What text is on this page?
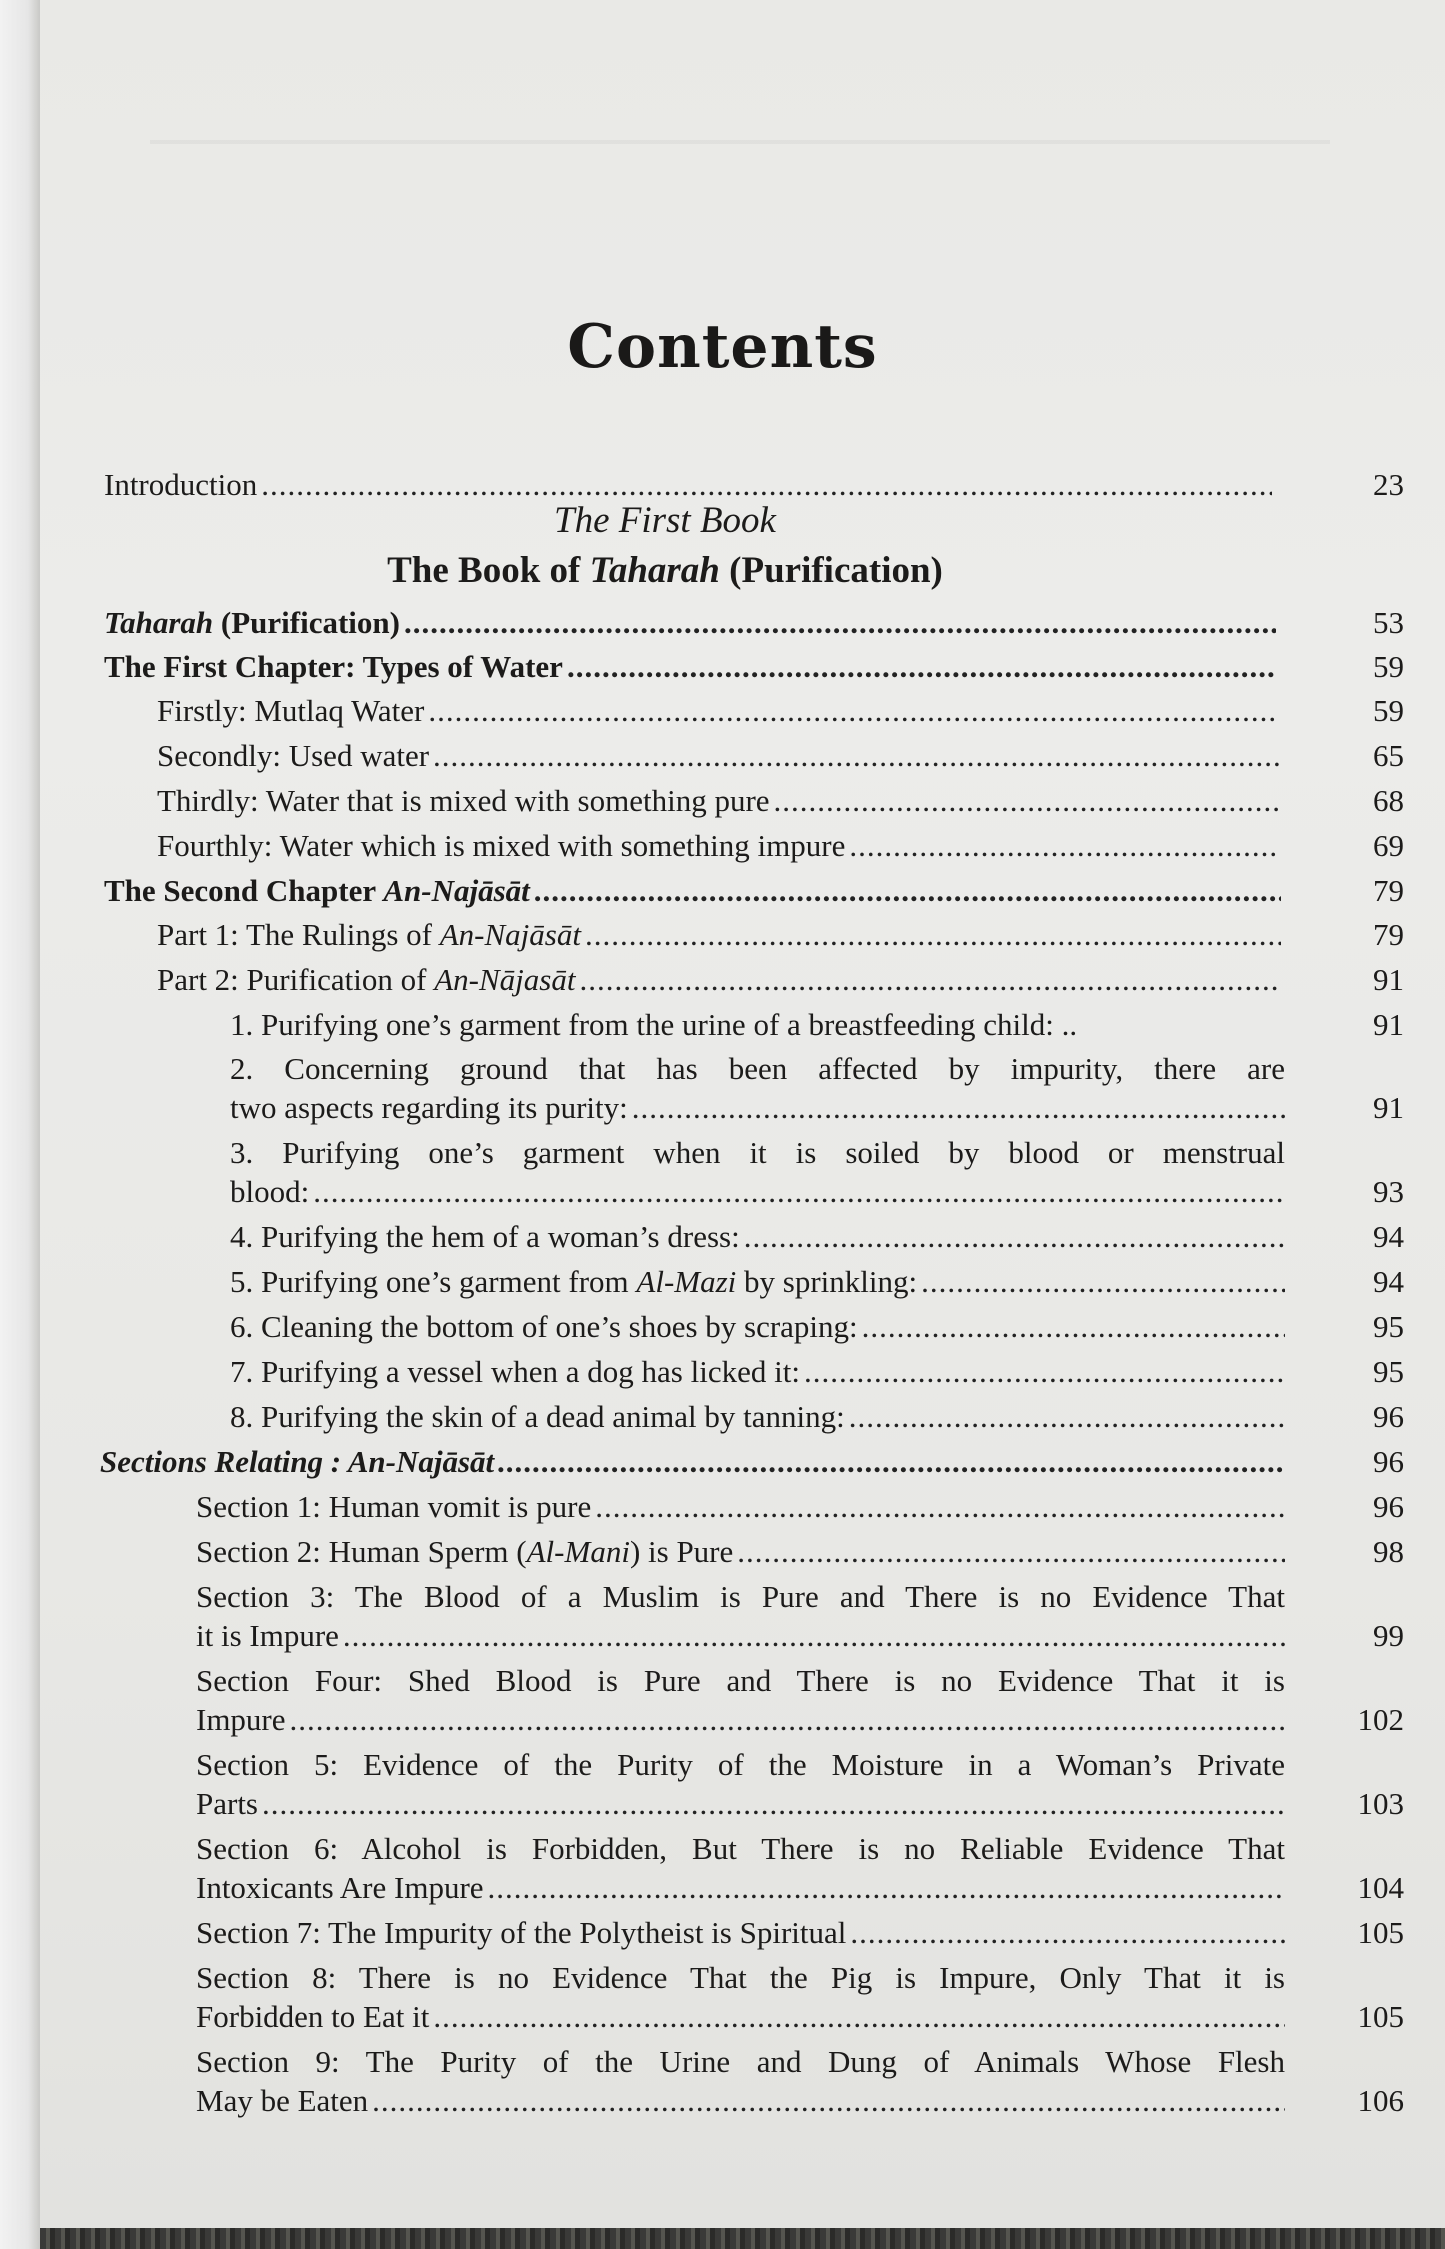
Contents
The First Book
The Book of Taharah (Purification)
Introduction .....	23
Taharah (Purification) .....	53
The First Chapter: Types of Water .....	59
Firstly: Mutlaq Water .....	59
Secondly: Used water .....	65
Thirdly: Water that is mixed with something pure .....	68
Fourthly: Water which is mixed with something impure .....	69
The Second Chapter An-Najāsāt .....	79
Part 1: The Rulings of An-Najāsāt .....	79
Part 2: Purification of An-Nājasāt .....	91
1. Purifying one’s garment from the urine of a breastfeeding child: ..	91
2. Concerning ground that has been affected by impurity, there are
two aspects regarding its purity: .....	91
3. Purifying one’s garment when it is soiled by blood or menstrual
blood: .....	93
4. Purifying the hem of a woman’s dress: .....	94
5. Purifying one’s garment from Al-Mazi by sprinkling: .....	94
6. Cleaning the bottom of one’s shoes by scraping: .....	95
7. Purifying a vessel when a dog has licked it: .....	95
8. Purifying the skin of a dead animal by tanning: .....	96
Sections Relating : An-Najāsāt .....	96
Section 1: Human vomit is pure .....	96
Section 2: Human Sperm (Al-Mani) is Pure .....	98
Section 3: The Blood of a Muslim is Pure and There is no Evidence That
it is Impure .....	99
Section Four: Shed Blood is Pure and There is no Evidence That it is
Impure .....	102
Section 5: Evidence of the Purity of the Moisture in a Woman’s Private
Parts .....	103
Section 6: Alcohol is Forbidden, But There is no Reliable Evidence That
Intoxicants Are Impure .....	104
Section 7: The Impurity of the Polytheist is Spiritual .....	105
Section 8: There is no Evidence That the Pig is Impure, Only That it is
Forbidden to Eat it .....	105
Section 9: The Purity of the Urine and Dung of Animals Whose Flesh
May be Eaten .....	106
